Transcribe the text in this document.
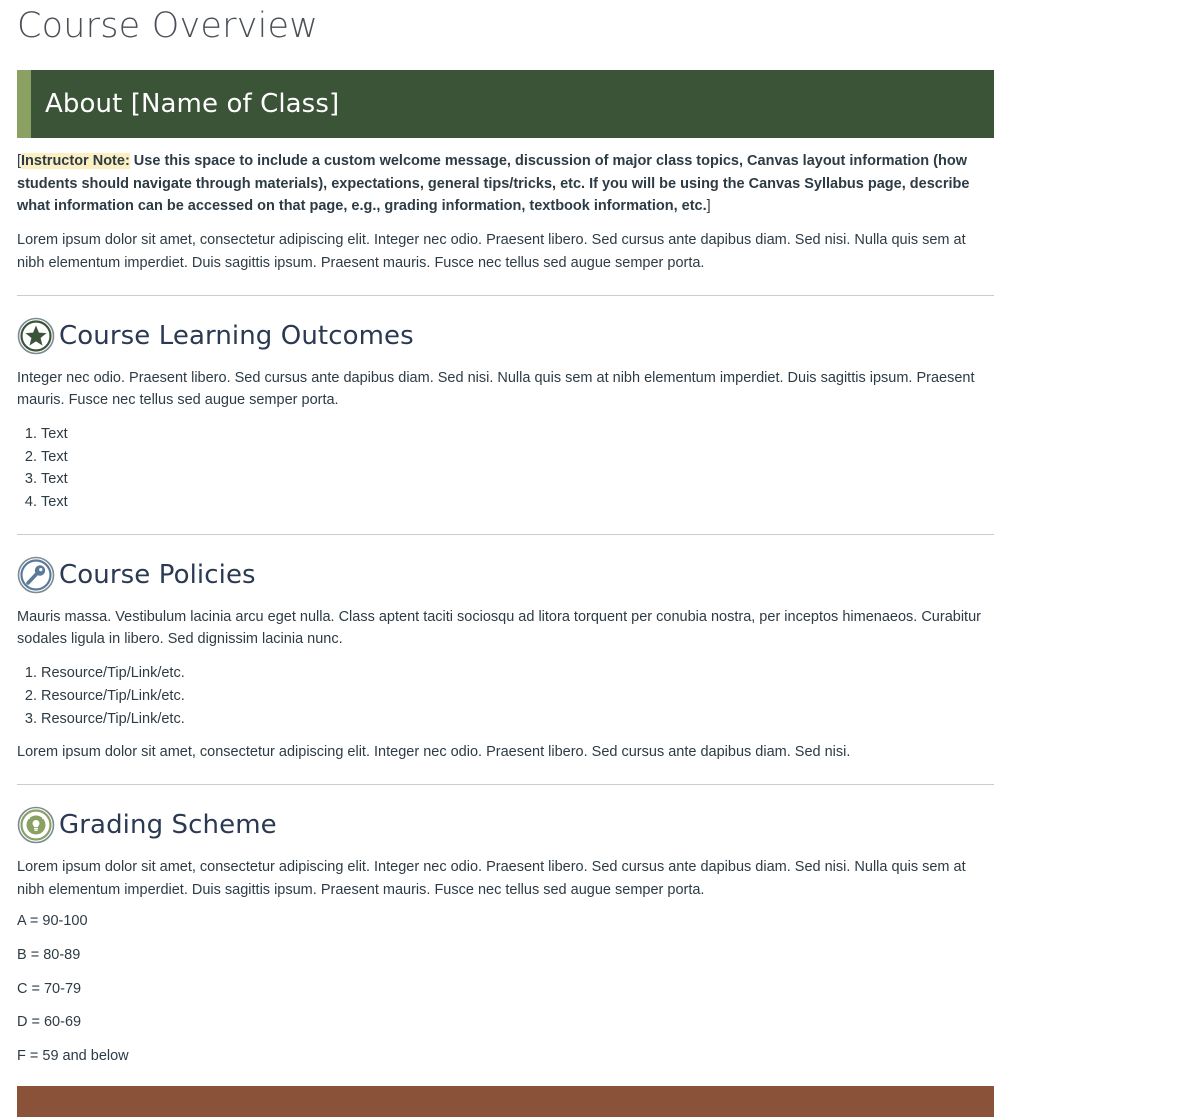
Course Overview
About [Name of Class]
[Instructor Note: Use this space to include a custom welcome message, discussion of major class topics, Canvas layout information (how students should navigate through materials), expectations, general tips/tricks, etc. If you will be using the Canvas Syllabus page, describe what information can be accessed on that page, e.g., grading information, textbook information, etc.]

Lorem ipsum dolor sit amet, consectetur adipiscing elit. Integer nec odio. Praesent libero. Sed cursus ante dapibus diam. Sed nisi. Nulla quis sem at nibh elementum imperdiet. Duis sagittis ipsum. Praesent mauris. Fusce nec tellus sed augue semper porta.

Course Learning Outcomes

Integer nec odio. Praesent libero. Sed cursus ante dapibus diam. Sed nisi. Nulla quis sem at nibh elementum imperdiet. Duis sagittis ipsum. Praesent mauris. Fusce nec tellus sed augue semper porta.

1. Text
2. Text
3. Text
4. Text
Course Policies

Mauris massa. Vestibulum lacinia arcu eget nulla. Class aptent taciti sociosqu ad litora torquent per conubia nostra, per inceptos himenaeos. Curabitur sodales ligula in libero. Sed dignissim lacinia nunc.

1. Resource/Tip/Link/etc.
2. Resource/Tip/Link/etc.
3. Resource/Tip/Link/etc.

Lorem ipsum dolor sit amet, consectetur adipiscing elit. Integer nec odio. Praesent libero. Sed cursus ante dapibus diam. Sed nisi.

Grading Scheme

Lorem ipsum dolor sit amet, consectetur adipiscing elit. Integer nec odio. Praesent libero. Sed cursus ante dapibus diam. Sed nisi. Nulla quis sem at nibh elementum imperdiet. Duis sagittis ipsum. Praesent mauris. Fusce nec tellus sed augue semper porta.

A = 90-100

B = 80-89

C = 70-79

D = 60-69

F = 59 and below
